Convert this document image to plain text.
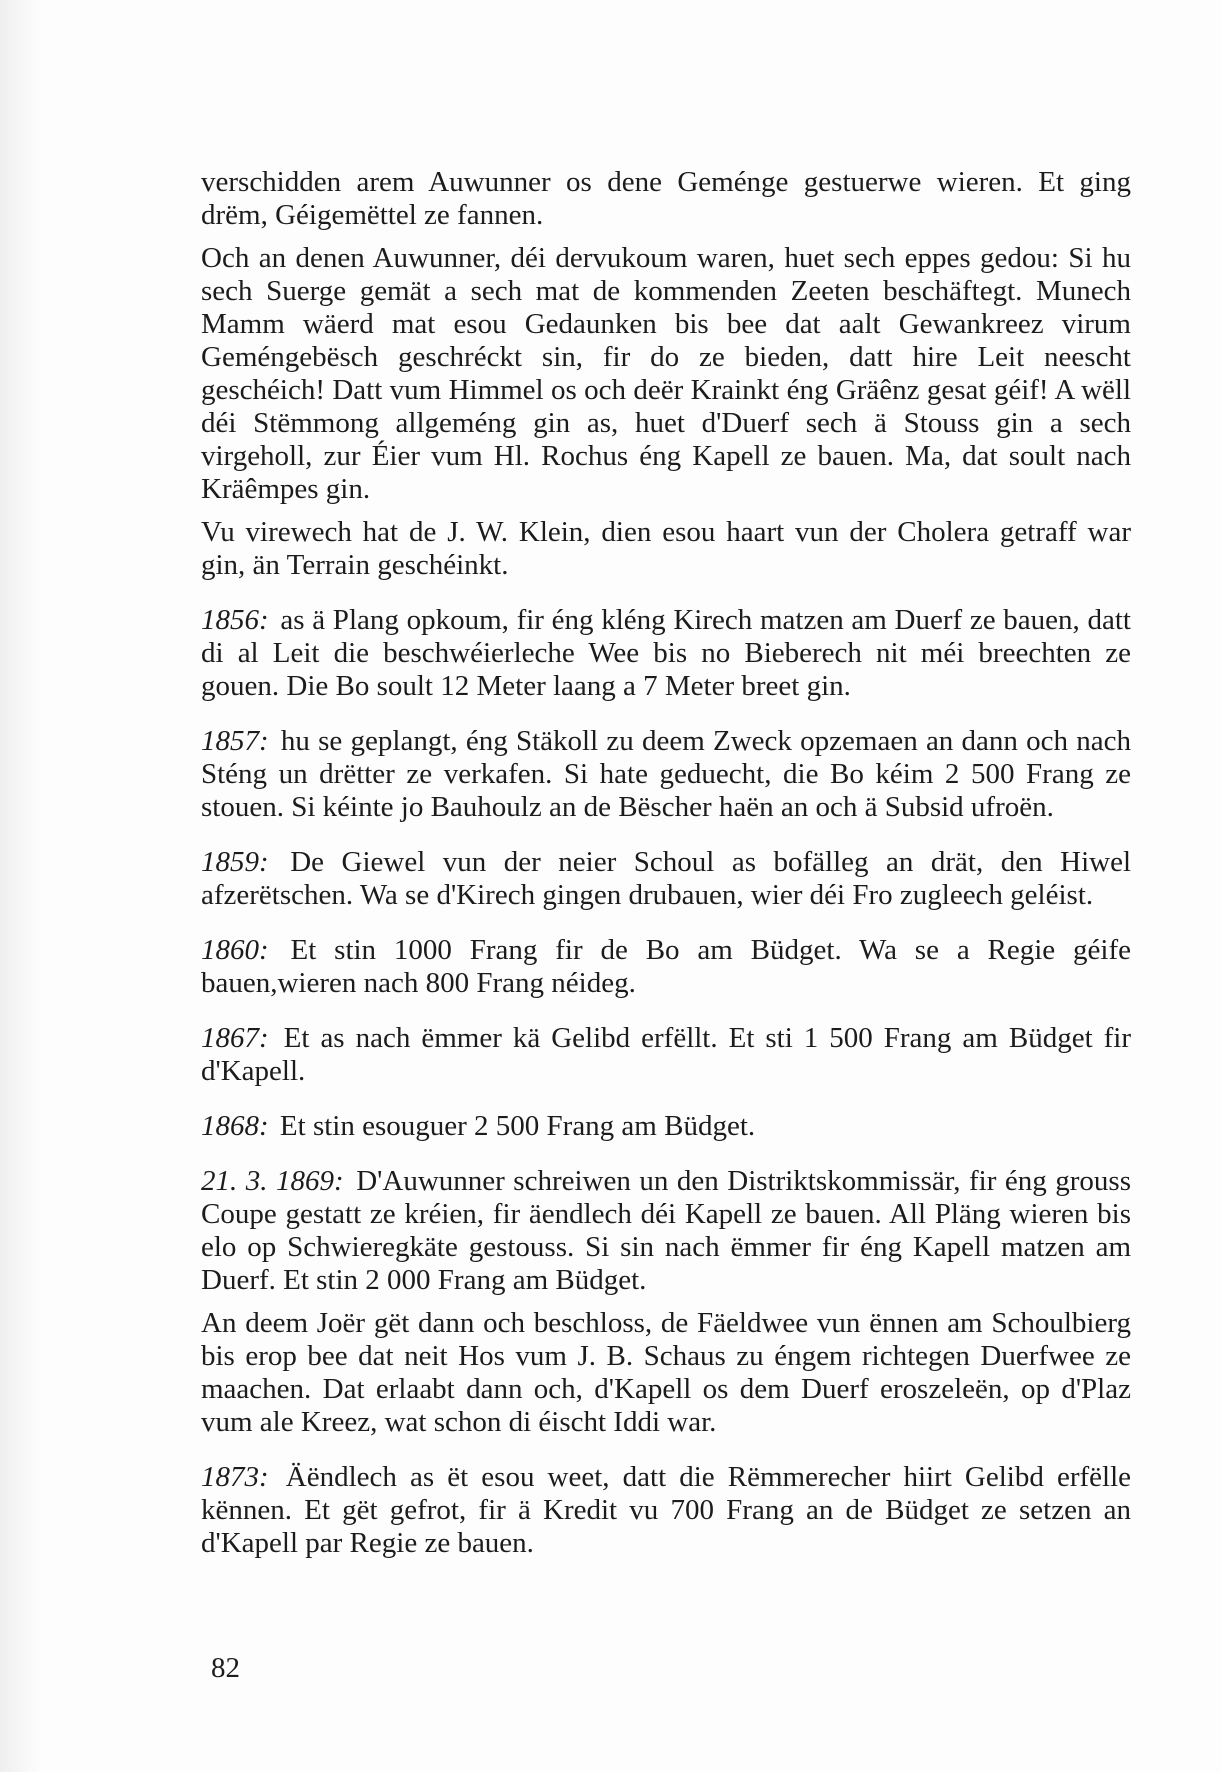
verschidden arem Auwunner os dene Geménge gestuerwe wieren. Et ging drëm, Géigemëttel ze fannen.

Och an denen Auwunner, déi dervukoum waren, huet sech eppes gedou: Si hu sech Suerge gemät a sech mat de kommenden Zeeten beschäftegt. Munech Mamm wäerd mat esou Gedaunken bis bee dat aalt Gewankreez virum Geméngebësch geschréckt sin, fir do ze bieden, datt hire Leit neescht geschéich! Datt vum Himmel os och deër Krainkt éng Gräênz gesat géif! A wëll déi Stëmmong allgeméng gin as, huet d'Duerf sech ä Stouss gin a sech virgeholl, zur Éier vum Hl. Rochus éng Kapell ze bauen. Ma, dat soult nach Kräêmpes gin.

Vu virewech hat de J. W. Klein, dien esou haart vun der Cholera getraff war gin, än Terrain geschéinkt.

1856: as ä Plang opkoum, fir éng kléng Kirech matzen am Duerf ze bauen, datt di al Leit die beschwéierleche Wee bis no Bieberech nit méi breechten ze gouen. Die Bo soult 12 Meter laang a 7 Meter breet gin.

1857: hu se geplangt, éng Stäkoll zu deem Zweck opzemaen an dann och nach Sténg un drëtter ze verkafen. Si hate geduecht, die Bo kéim 2 500 Frang ze stouen. Si kéinte jo Bauhoulz an de Bëscher haën an och ä Subsid ufroën.

1859: De Giewel vun der neier Schoul as bofälleg an drät, den Hiwel afzerëtschen. Wa se d'Kirech gingen drubauen, wier déi Fro zugleech geléist.

1860: Et stin 1000 Frang fir de Bo am Büdget. Wa se a Regie géife bauen,wieren nach 800 Frang néideg.

1867: Et as nach ëmmer kä Gelibd erfëllt. Et sti 1 500 Frang am Büdget fir d'Kapell.

1868: Et stin esouguer 2 500 Frang am Büdget.

21. 3. 1869: D'Auwunner schreiwen un den Distriktskommissär, fir éng grouss Coupe gestatt ze kréien, fir äendlech déi Kapell ze bauen. All Pläng wieren bis elo op Schwieregkäte gestouss. Si sin nach ëmmer fir éng Kapell matzen am Duerf. Et stin 2 000 Frang am Büdget.

An deem Joër gët dann och beschloss, de Fäeldwee vun ënnen am Schoulbierg bis erop bee dat neit Hos vum J. B. Schaus zu éngem richtegen Duerfwee ze maachen. Dat erlaabt dann och, d'Kapell os dem Duerf eroszeleën, op d'Plaz vum ale Kreez, wat schon di éischt Iddi war.

1873: Äëndlech as ët esou weet, datt die Rëmmerecher hiirt Gelibd erfëlle kënnen. Et gët gefrot, fir ä Kredit vu 700 Frang an de Büdget ze setzen an d'Kapell par Regie ze bauen.

82
